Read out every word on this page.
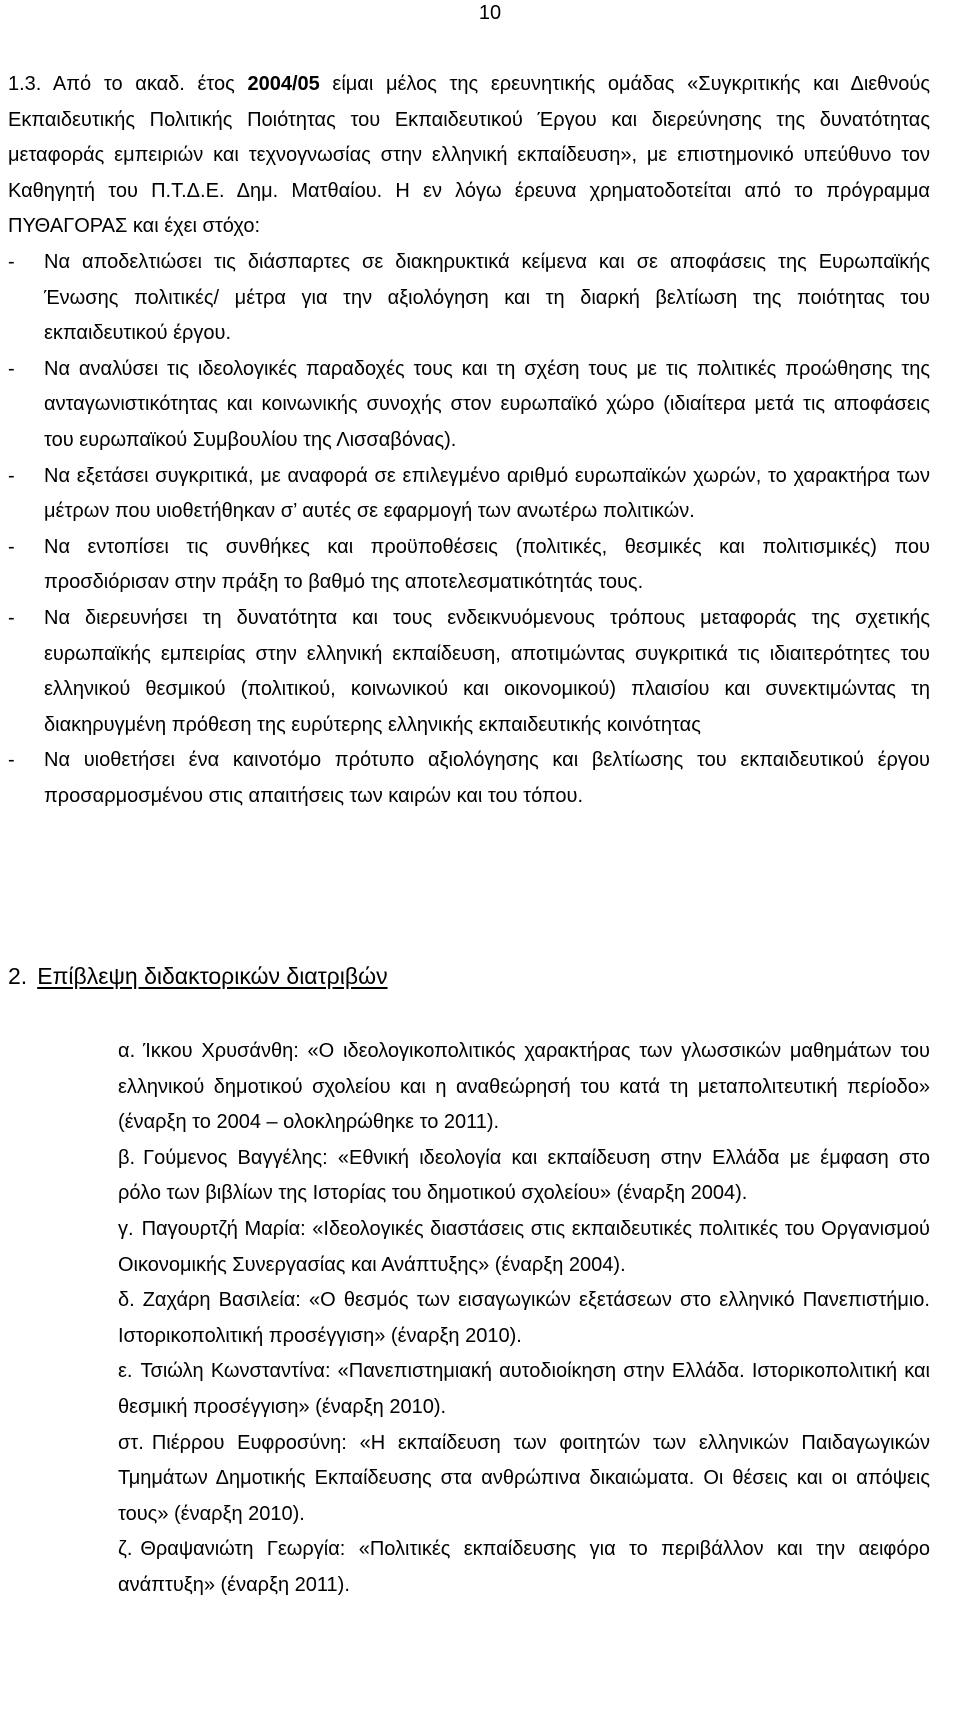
10

1.3. Από το ακαδ. έτος 2004/05 είμαι μέλος της ερευνητικής ομάδας «Συγκριτικής και Διεθνούς Εκπαιδευτικής Πολιτικής Ποιότητας του Εκπαιδευτικού Έργου και διερεύνησης της δυνατότητας μεταφοράς εμπειριών και τεχνογνωσίας στην ελληνική εκπαίδευση», με επιστημονικό υπεύθυνο τον Καθηγητή του Π.Τ.Δ.Ε. Δημ. Ματθαίου. Η εν λόγω έρευνα χρηματοδοτείται από το πρόγραμμα ΠΥΘΑΓΟΡΑΣ και έχει στόχο:

- Να αποδελτιώσει τις διάσπαρτες σε διακηρυκτικά κείμενα και σε αποφάσεις της Ευρωπαϊκής Ένωσης πολιτικές/ μέτρα για την αξιολόγηση και τη διαρκή βελτίωση της ποιότητας του εκπαιδευτικού έργου.
- Να αναλύσει τις ιδεολογικές παραδοχές τους και τη σχέση τους με τις πολιτικές προώθησης της ανταγωνιστικότητας και κοινωνικής συνοχής στον ευρωπαϊκό χώρο (ιδιαίτερα μετά τις αποφάσεις του ευρωπαϊκού Συμβουλίου της Λισσαβόνας).
- Να εξετάσει συγκριτικά, με αναφορά σε επιλεγμένο αριθμό ευρωπαϊκών χωρών, το χαρακτήρα των μέτρων που υιοθετήθηκαν σ’ αυτές σε εφαρμογή των ανωτέρω πολιτικών.
- Να εντοπίσει τις συνθήκες και προϋποθέσεις (πολιτικές, θεσμικές και πολιτισμικές) που προσδιόρισαν στην πράξη το βαθμό της αποτελεσματικότητάς τους.
- Να διερευνήσει τη δυνατότητα και τους ενδεικνυόμενους τρόπους μεταφοράς της σχετικής ευρωπαϊκής εμπειρίας στην ελληνική εκπαίδευση, αποτιμώντας συγκριτικά τις ιδιαιτερότητες του ελληνικού θεσμικού (πολιτικού, κοινωνικού και οικονομικού) πλαισίου και συνεκτιμώντας τη διακηρυγμένη πρόθεση της ευρύτερης ελληνικής εκπαιδευτικής κοινότητας
- Να υιοθετήσει ένα καινοτόμο πρότυπο αξιολόγησης και βελτίωσης του εκπαιδευτικού έργου προσαρμοσμένου στις απαιτήσεις των καιρών και του τόπου.
2. Επίβλεψη διδακτορικών διατριβών
α. Ίκκου Χρυσάνθη: «Ο ιδεολογικοπολιτικός χαρακτήρας των γλωσσικών μαθημάτων του ελληνικού δημοτικού σχολείου και η αναθεώρησή του κατά τη μεταπολιτευτική περίοδο» (έναρξη το 2004 – ολοκληρώθηκε το 2011).
β. Γούμενος Βαγγέλης: «Εθνική ιδεολογία και εκπαίδευση στην Ελλάδα με έμφαση στο ρόλο των βιβλίων της Ιστορίας του δημοτικού σχολείου» (έναρξη 2004).
γ. Παγουρτζή Μαρία: «Ιδεολογικές διαστάσεις στις εκπαιδευτικές πολιτικές του Οργανισμού Οικονομικής Συνεργασίας και Ανάπτυξης» (έναρξη 2004).
δ. Ζαχάρη Βασιλεία: «Ο θεσμός των εισαγωγικών εξετάσεων στο ελληνικό Πανεπιστήμιο. Ιστορικοπολιτική προσέγγιση» (έναρξη 2010).
ε. Τσιώλη Κωνσταντίνα: «Πανεπιστημιακή αυτοδιοίκηση στην Ελλάδα. Ιστορικοπολιτική και θεσμική προσέγγιση» (έναρξη 2010).
στ. Πιέρρου Ευφροσύνη: «Η εκπαίδευση των φοιτητών των ελληνικών Παιδαγωγικών Τμημάτων Δημοτικής Εκπαίδευσης στα ανθρώπινα δικαιώματα. Οι θέσεις και οι απόψεις τους» (έναρξη 2010).
ζ. Θραψανιώτη Γεωργία: «Πολιτικές εκπαίδευσης για το περιβάλλον και την αειφόρο ανάπτυξη» (έναρξη 2011).
